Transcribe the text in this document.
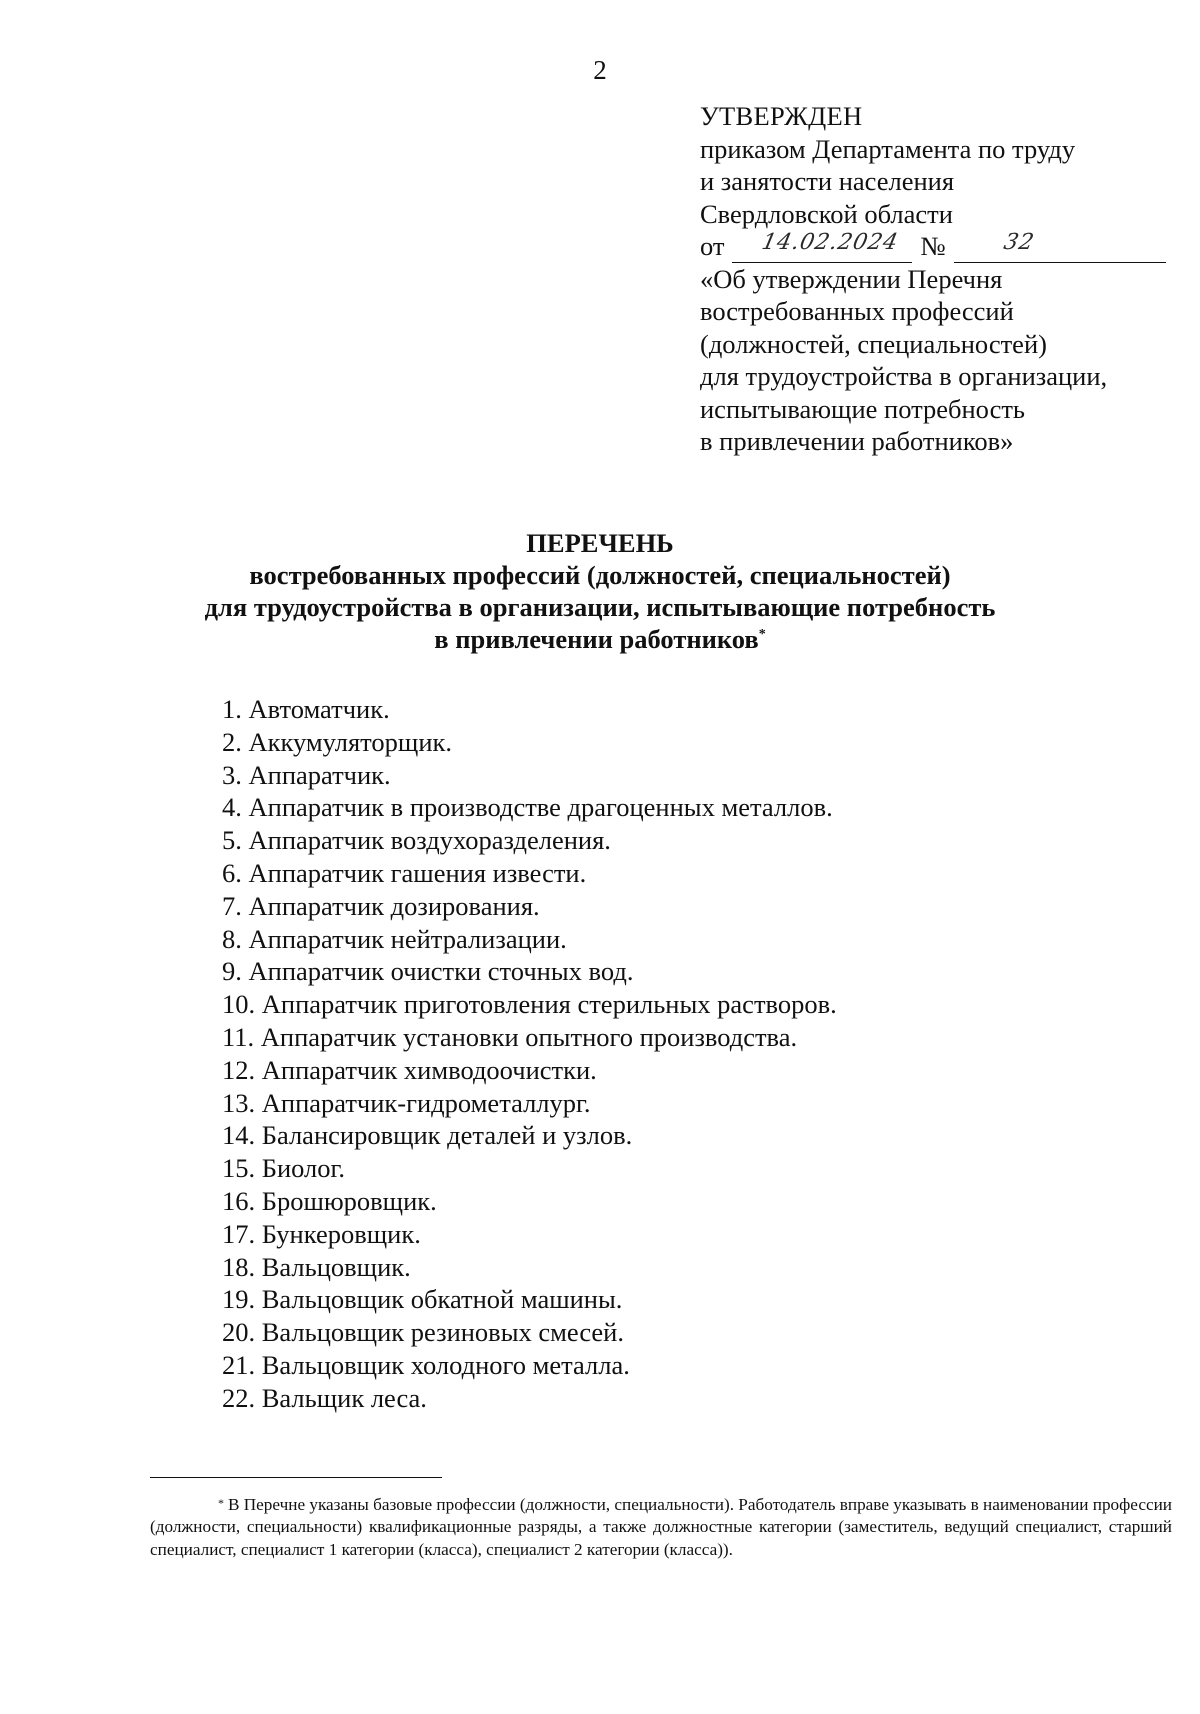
2
УТВЕРЖДЕН
приказом Департамента по труду
и занятости населения
Свердловской области
от 14.02.2024 №	32
«Об утверждении Перечня
востребованных профессий
(должностей, специальностей)
для трудоустройства в организации,
испытывающие потребность
в привлечении работников»
ПЕРЕЧЕНЬ
востребованных профессий (должностей, специальностей)
для трудоустройства в организации, испытывающие потребность
в привлечении работников*
1. Автоматчик.
2. Аккумуляторщик.
3. Аппаратчик.
4. Аппаратчик в производстве драгоценных металлов.
5. Аппаратчик воздухоразделения.
6. Аппаратчик гашения извести.
7. Аппаратчик дозирования.
8. Аппаратчик нейтрализации.
9. Аппаратчик очистки сточных вод.
10. Аппаратчик приготовления стерильных растворов.
11. Аппаратчик установки опытного производства.
12. Аппаратчик химводоочистки.
13. Аппаратчик-гидрометаллург.
14. Балансировщик деталей и узлов.
15. Биолог.
16. Брошюровщик.
17. Бункеровщик.
18. Вальцовщик.
19. Вальцовщик обкатной машины.
20. Вальцовщик резиновых смесей.
21. Вальцовщик холодного металла.
22. Вальщик леса.
* В Перечне указаны базовые профессии (должности, специальности). Работодатель вправе указывать в наименовании профессии (должности, специальности) квалификационные разряды, а также должностные категории (заместитель, ведущий специалист, старший специалист, специалист 1 категории (класса), специалист 2 категории (класса)).
